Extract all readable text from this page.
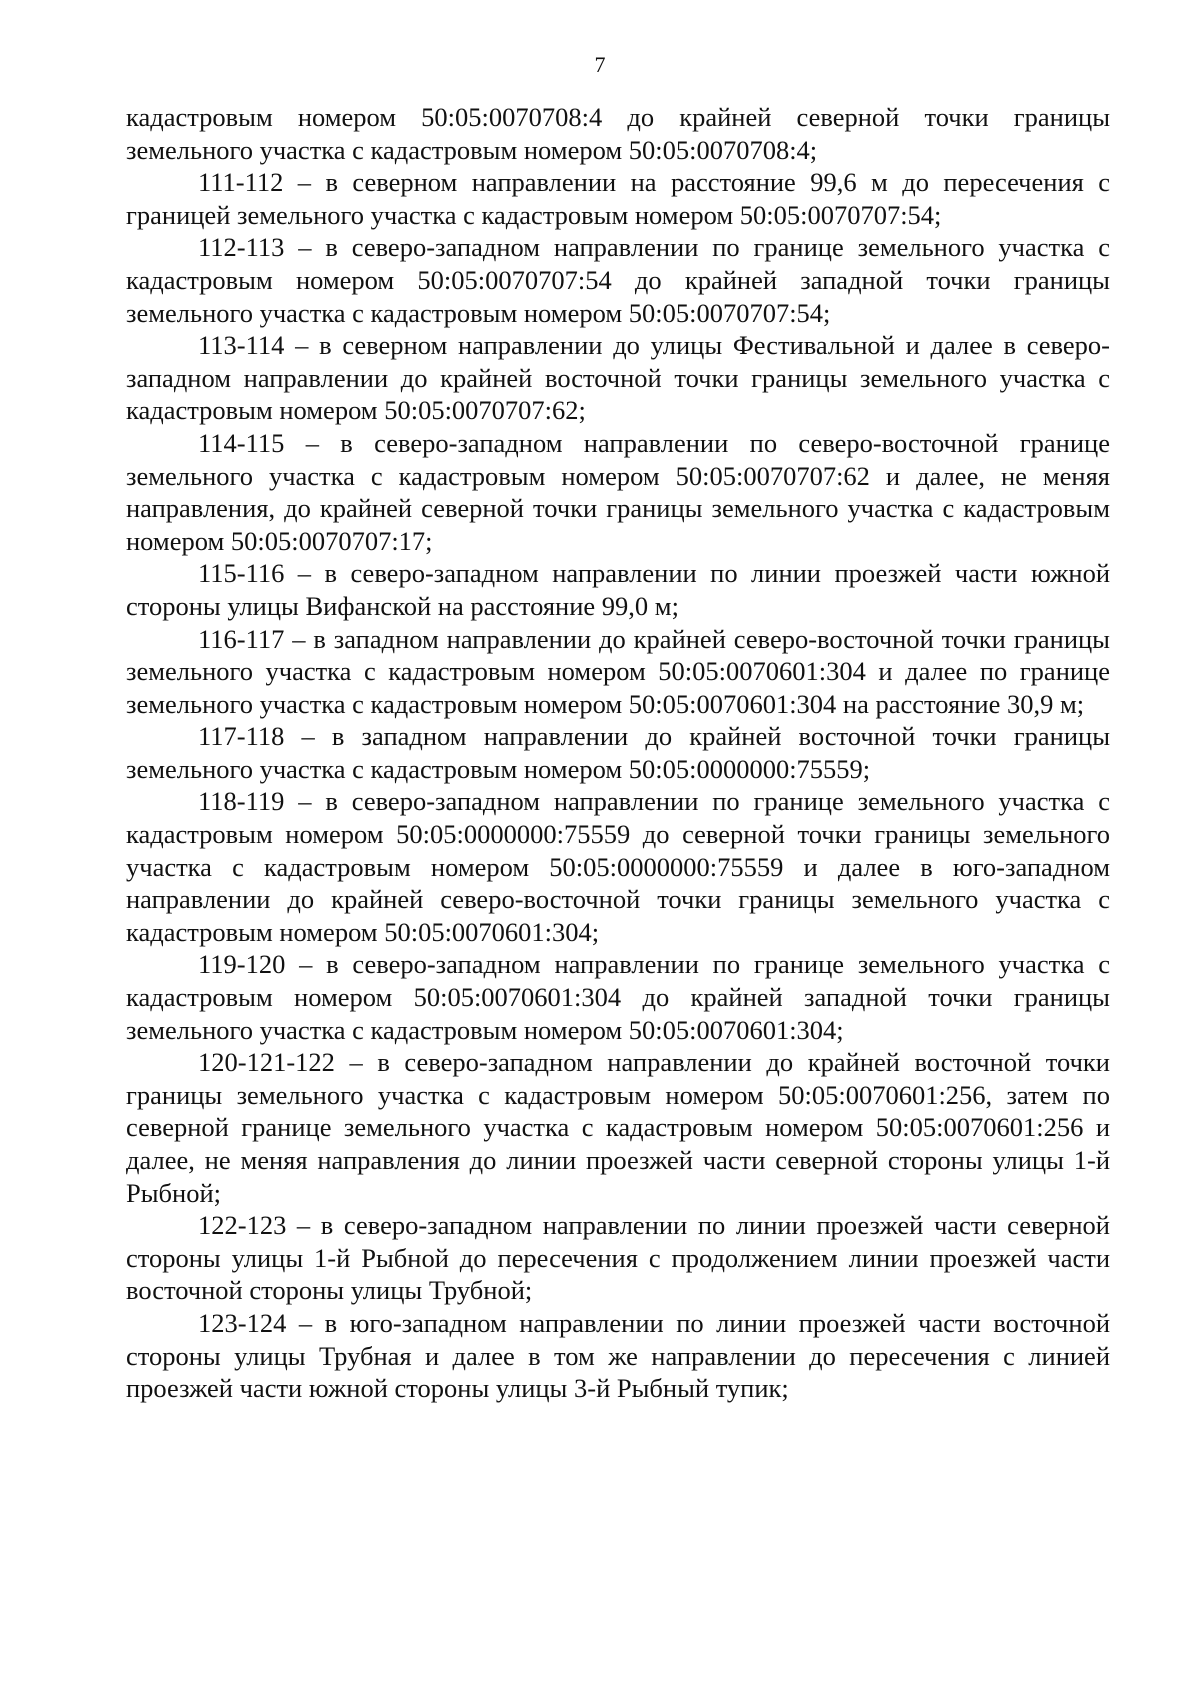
7

кадастровым номером 50:05:0070708:4 до крайней северной точки границы земельного участка с кадастровым номером 50:05:0070708:4;

111-112 – в северном направлении на расстояние 99,6 м до пересечения с границей земельного участка с кадастровым номером 50:05:0070707:54;

112-113 – в северо-западном направлении по границе земельного участка с кадастровым номером 50:05:0070707:54 до крайней западной точки границы земельного участка с кадастровым номером 50:05:0070707:54;

113-114 – в северном направлении до улицы Фестивальной и далее в северо-западном направлении до крайней восточной точки границы земельного участка с кадастровым номером 50:05:0070707:62;

114-115 – в северо-западном направлении по северо-восточной границе земельного участка с кадастровым номером 50:05:0070707:62 и далее, не меняя направления, до крайней северной точки границы земельного участка с кадастровым номером 50:05:0070707:17;

115-116 – в северо-западном направлении по линии проезжей части южной стороны улицы Вифанской на расстояние 99,0 м;

116-117 – в западном направлении до крайней северо-восточной точки границы земельного участка с кадастровым номером 50:05:0070601:304 и далее по границе земельного участка с кадастровым номером 50:05:0070601:304 на расстояние 30,9 м;

117-118 – в западном направлении до крайней восточной точки границы земельного участка с кадастровым номером 50:05:0000000:75559;

118-119 – в северо-западном направлении по границе земельного участка с кадастровым номером 50:05:0000000:75559 до северной точки границы земельного участка с кадастровым номером 50:05:0000000:75559 и далее в юго-западном направлении до крайней северо-восточной точки границы земельного участка с кадастровым номером 50:05:0070601:304;

119-120 – в северо-западном направлении по границе земельного участка с кадастровым номером 50:05:0070601:304 до крайней западной точки границы земельного участка с кадастровым номером 50:05:0070601:304;

120-121-122 – в северо-западном направлении до крайней восточной точки границы земельного участка с кадастровым номером 50:05:0070601:256, затем по северной границе земельного участка с кадастровым номером 50:05:0070601:256 и далее, не меняя направления до линии проезжей части северной стороны улицы 1-й Рыбной;

122-123 – в северо-западном направлении по линии проезжей части северной стороны улицы 1-й Рыбной до пересечения с продолжением линии проезжей части восточной стороны улицы Трубной;

123-124 – в юго-западном направлении по линии проезжей части восточной стороны улицы Трубная и далее в том же направлении до пересечения с линией проезжей части южной стороны улицы 3-й Рыбный тупик;
